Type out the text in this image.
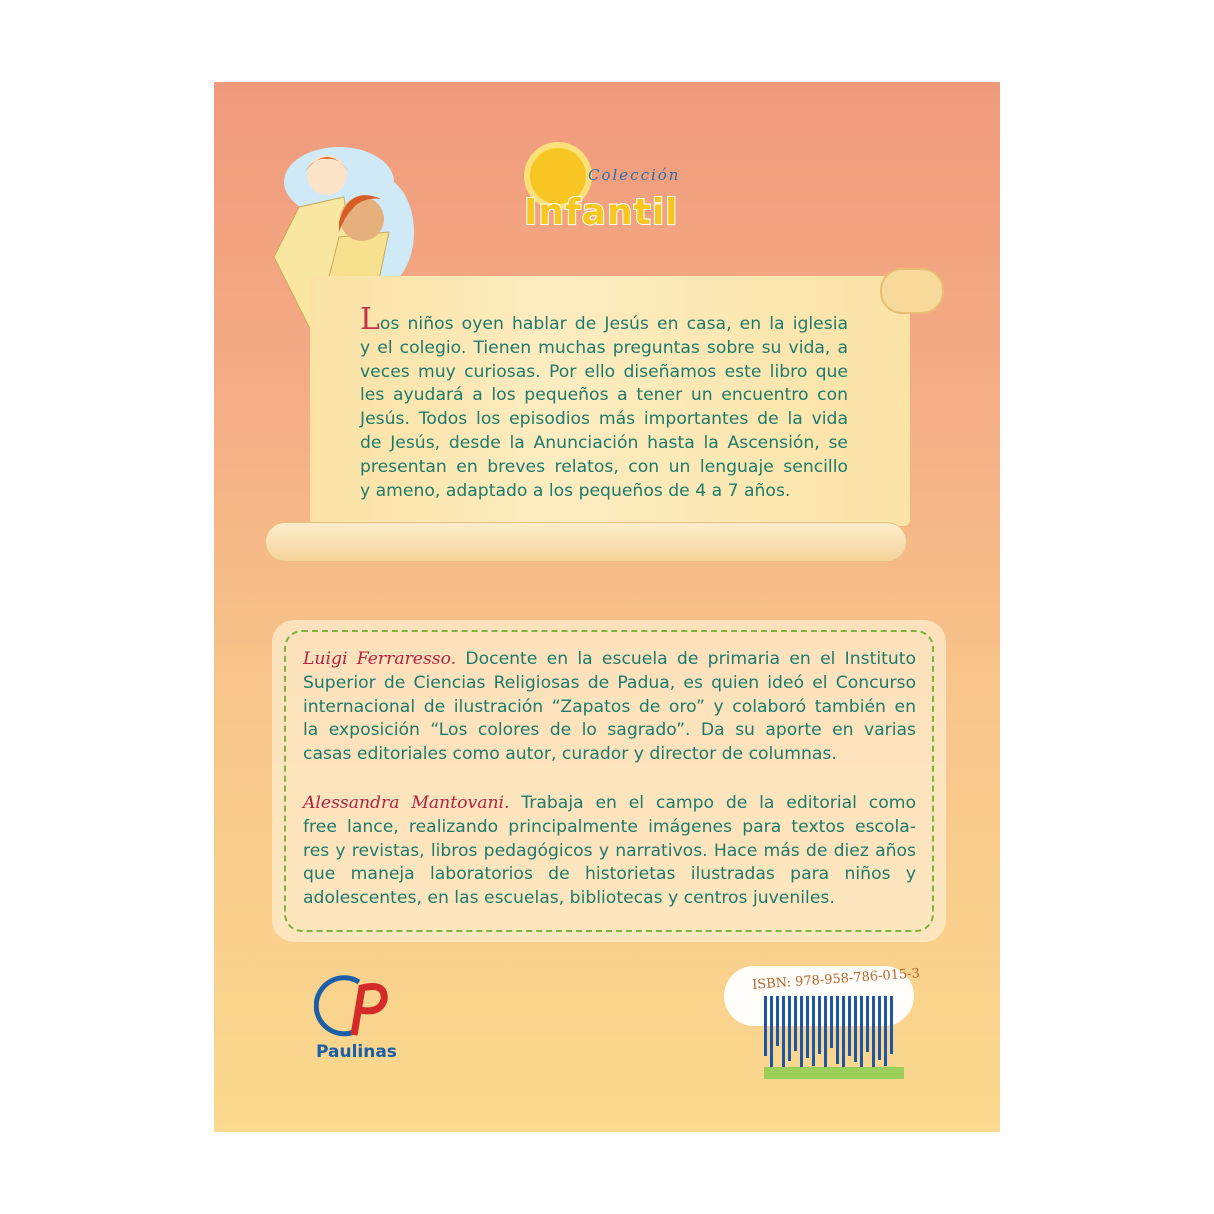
Colección
Infantil
Los niños oyen hablar de Jesús en casa, en la iglesia
y el colegio. Tienen muchas preguntas sobre su vida, a
veces muy curiosas. Por ello diseñamos este libro que
les ayudará a los pequeños a tener un encuentro con
Jesús. Todos los episodios más importantes de la vida
de Jesús, desde la Anunciación hasta la Ascensión, se
presentan en breves relatos, con un lenguaje sencillo
y ameno, adaptado a los pequeños de 4 a 7 años.
Luigi Ferraresso. Docente en la escuela de primaria en el Instituto
Superior de Ciencias Religiosas de Padua, es quien ideó el Concurso
internacional de ilustración “Zapatos de oro” y colaboró también en
la exposición “Los colores de lo sagrado”. Da su aporte en varias
casas editoriales como autor, curador y director de columnas.
Alessandra Mantovani. Trabaja en el campo de la editorial como
free lance, realizando principalmente imágenes para textos escola-
res y revistas, libros pedagógicos y narrativos. Hace más de diez años
que maneja laboratorios de historietas ilustradas para niños y
adolescentes, en las escuelas, bibliotecas y centros juveniles.
Paulinas
ISBN: 978-958-786-015-3
